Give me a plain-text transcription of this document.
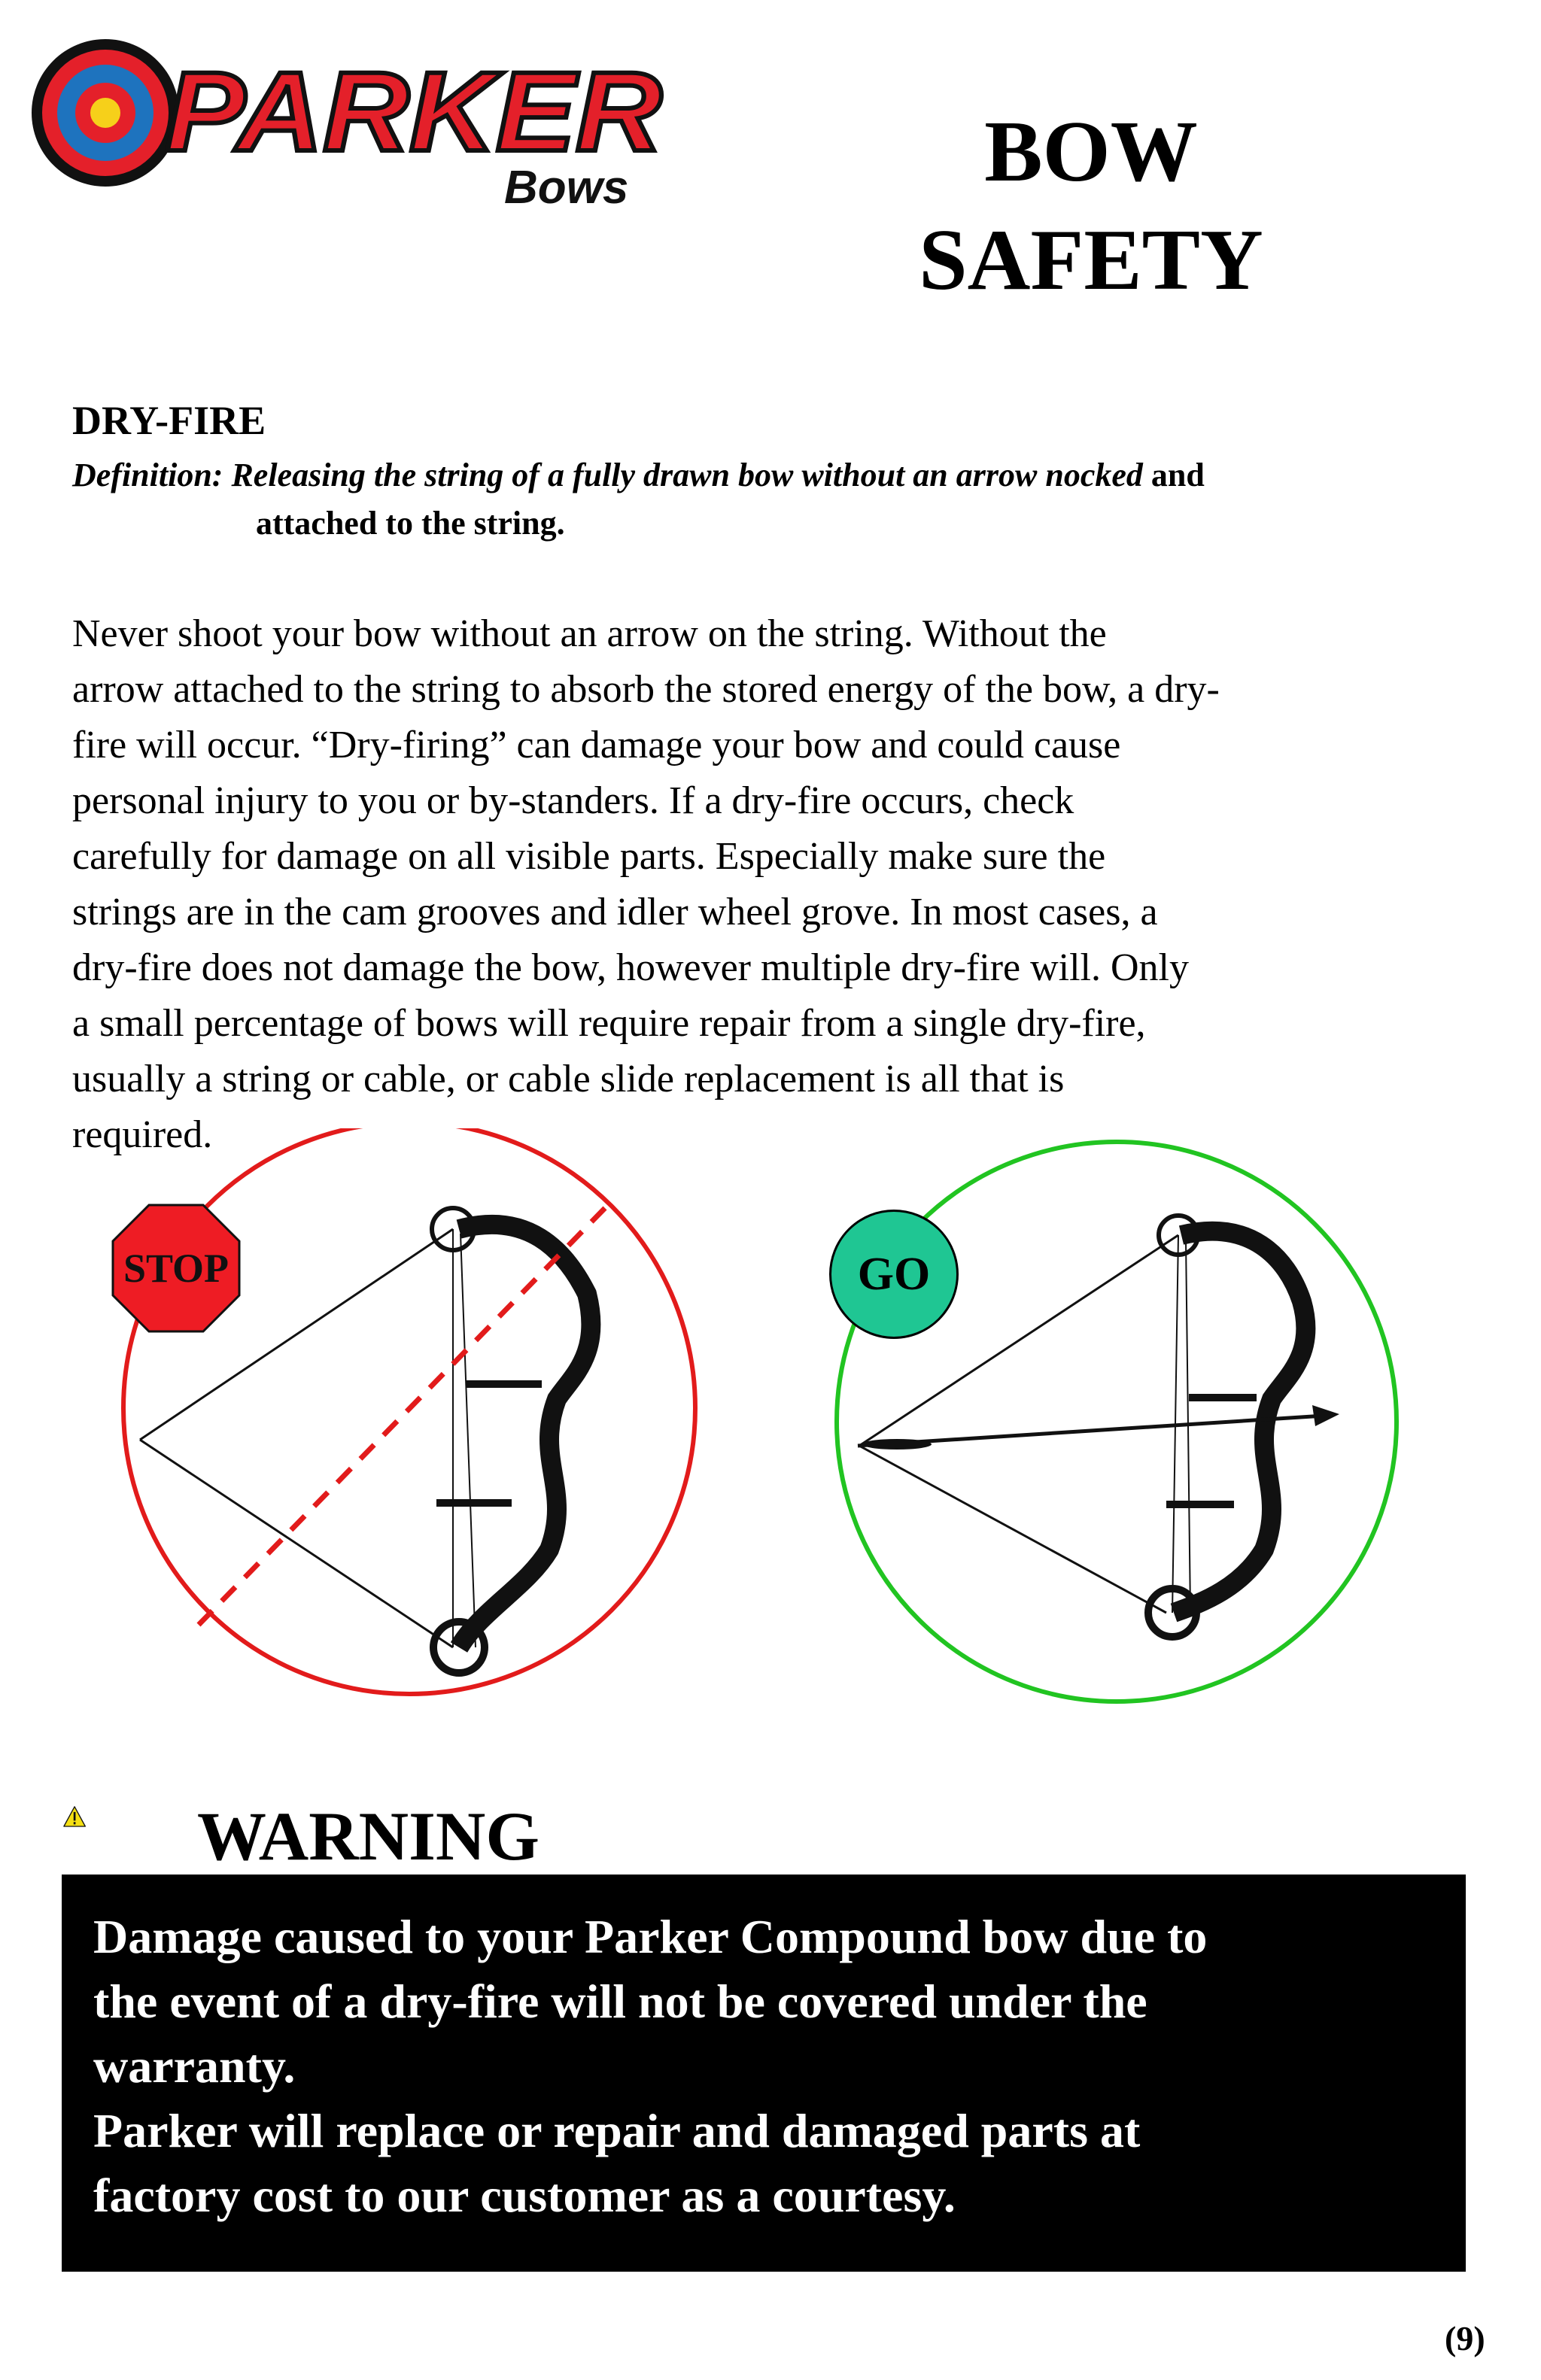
PARKER
Bows	BOW
SAFETY
DRY-FIRE
Definition: Releasing the string of a fully drawn bow without an arrow nocked and
attached to the string.
Never shoot your bow without an arrow on the string. Without the
arrow attached to the string to absorb the stored energy of the bow, a dry-
fire will occur. “Dry-firing” can damage your bow and could cause
personal injury to you or by-standers. If a dry-fire occurs, check
carefully for damage on all visible parts. Especially make sure the
strings are in the cam grooves and idler wheel grove. In most cases, a
dry-fire does not damage the bow, however multiple dry-fire will. Only
a small percentage of bows will require repair from a single dry-fire,
usually a string or cable, or cable slide replacement is all that is
required.
STOP	GO
WARNING
Damage caused to your Parker Compound bow due to
the event of a dry-fire will not be covered under the
warranty.
Parker will replace or repair and damaged parts at
factory cost to our customer as a courtesy.
(9)
